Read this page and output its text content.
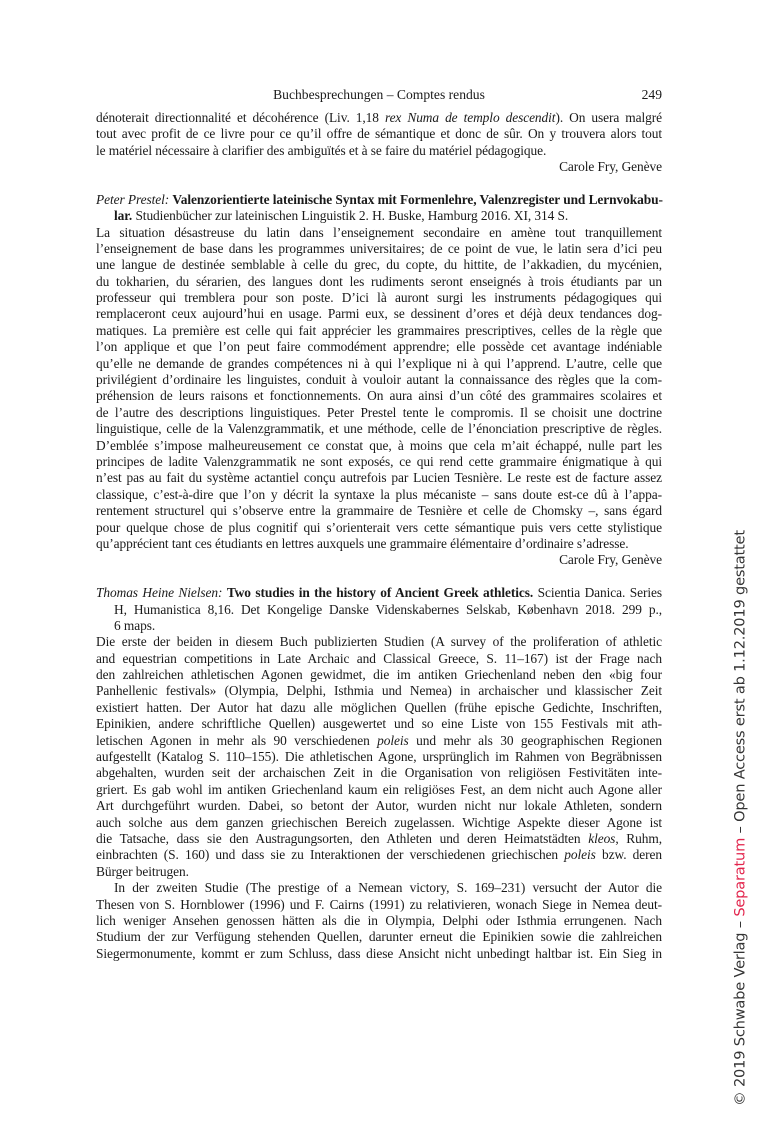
Buchbesprechungen – Comptes rendus	249
dénoterait directionnalité et décohérence (Liv. 1,18 rex Numa de templo descendit). On usera malgré
tout avec profit de ce livre pour ce qu’il offre de sémantique et donc de sûr. On y trouvera alors tout
le matériel nécessaire à clarifier des ambiguïtés et à se faire du matériel pédagogique.
Carole Fry, Genève
Peter Prestel: Valenzorientierte lateinische Syntax mit Formenlehre, Valenzregister und Lernvokabu-
lar. Studienbücher zur lateinischen Linguistik 2. H. Buske, Hamburg 2016. XI, 314 S.
La situation désastreuse du latin dans l’enseignement secondaire en amène tout tranquillement
l’enseignement de base dans les programmes universitaires; de ce point de vue, le latin sera d’ici peu
une langue de destinée semblable à celle du grec, du copte, du hittite, de l’akkadien, du mycénien,
du tokharien, du sérarien, des langues dont les rudiments seront enseignés à trois étudiants par un
professeur qui tremblera pour son poste. D’ici là auront surgi les instruments pédagogiques qui
remplaceront ceux aujourd’hui en usage. Parmi eux, se dessinent d’ores et déjà deux tendances dog-
matiques. La première est celle qui fait apprécier les grammaires prescriptives, celles de la règle que
l’on applique et que l’on peut faire commodément apprendre; elle possède cet avantage indéniable
qu’elle ne demande de grandes compétences ni à qui l’explique ni à qui l’apprend. L’autre, celle que
privilégient d’ordinaire les linguistes, conduit à vouloir autant la connaissance des règles que la com-
préhension de leurs raisons et fonctionnements. On aura ainsi d’un côté des grammaires scolaires et
de l’autre des descriptions linguistiques. Peter Prestel tente le compromis. Il se choisit une doctrine
linguistique, celle de la Valenzgrammatik, et une méthode, celle de l’énonciation prescriptive de règles.
D’emblée s’impose malheureusement ce constat que, à moins que cela m’ait échappé, nulle part les
principes de ladite Valenzgrammatik ne sont exposés, ce qui rend cette grammaire énigmatique à qui
n’est pas au fait du système actantiel conçu autrefois par Lucien Tesnière. Le reste est de facture assez
classique, c’est-à-dire que l’on y décrit la syntaxe la plus mécaniste – sans doute est-ce dû à l’appa-
rentement structurel qui s’observe entre la grammaire de Tesnière et celle de Chomsky –, sans égard
pour quelque chose de plus cognitif qui s’orienterait vers cette sémantique puis vers cette stylistique
qu’apprécient tant ces étudiants en lettres auxquels une grammaire élémentaire d’ordinaire s’adresse.
Carole Fry, Genève
Thomas Heine Nielsen: Two studies in the history of Ancient Greek athletics. Scientia Danica. Series
H, Humanistica 8,16. Det Kongelige Danske Videnskabernes Selskab, København 2018. 299 p.,
6 maps.
Die erste der beiden in diesem Buch publizierten Studien (A survey of the proliferation of athletic
and equestrian competitions in Late Archaic and Classical Greece, S. 11–167) ist der Frage nach
den zahlreichen athletischen Agonen gewidmet, die im antiken Griechenland neben den «big four
Panhellenic festivals» (Olympia, Delphi, Isthmia und Nemea) in archaischer und klassischer Zeit
existiert hatten. Der Autor hat dazu alle möglichen Quellen (frühe epische Gedichte, Inschriften,
Epinikien, andere schriftliche Quellen) ausgewertet und so eine Liste von 155 Festivals mit ath-
letischen Agonen in mehr als 90 verschiedenen poleis und mehr als 30 geographischen Regionen
aufgestellt (Katalog S. 110–155). Die athletischen Agone, ursprünglich im Rahmen von Begräbnissen
abgehalten, wurden seit der archaischen Zeit in die Organisation von religiösen Festivitäten inte-
griert. Es gab wohl im antiken Griechenland kaum ein religiöses Fest, an dem nicht auch Agone aller
Art durchgeführt wurden. Dabei, so betont der Autor, wurden nicht nur lokale Athleten, sondern
auch solche aus dem ganzen griechischen Bereich zugelassen. Wichtige Aspekte dieser Agone ist
die Tatsache, dass sie den Austragungsorten, den Athleten und deren Heimatstädten kleos, Ruhm,
einbrachten (S. 160) und dass sie zu Interaktionen der verschiedenen griechischen poleis bzw. deren
Bürger beitrugen.
In der zweiten Studie (The prestige of a Nemean victory, S. 169–231) versucht der Autor die
Thesen von S. Hornblower (1996) und F. Cairns (1991) zu relativieren, wonach Siege in Nemea deut-
lich weniger Ansehen genossen hätten als die in Olympia, Delphi oder Isthmia errungenen. Nach
Studium der zur Verfügung stehenden Quellen, darunter erneut die Epinikien sowie die zahlreichen
Siegermonumente, kommt er zum Schluss, dass diese Ansicht nicht unbedingt haltbar ist. Ein Sieg in	© 2019 Schwabe Verlag – Separatum – Open Access erst ab 1.12.2019 gestattet
